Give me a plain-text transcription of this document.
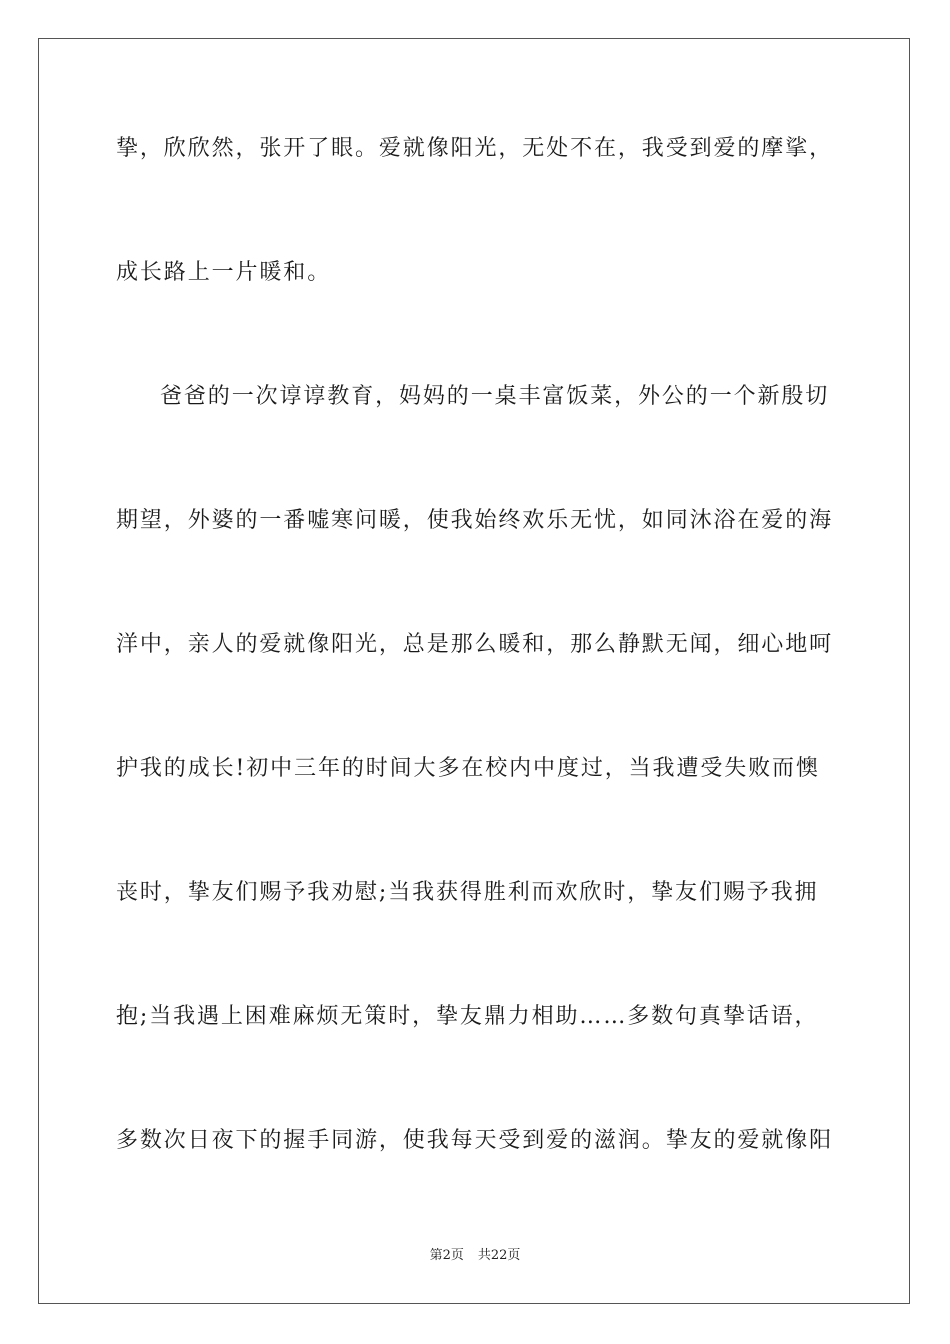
挚，欣欣然，张开了眼。爱就像阳光，无处不在，我受到爱的摩挲，
成长路上一片暖和。
爸爸的一次谆谆教育，妈妈的一桌丰富饭菜，外公的一个新殷切
期望，外婆的一番嘘寒问暖，使我始终欢乐无忧，如同沐浴在爱的海
洋中，亲人的爱就像阳光，总是那么暖和，那么静默无闻，细心地呵
护我的成长!初中三年的时间大多在校内中度过，当我遭受失败而懊
丧时，挚友们赐予我劝慰;当我获得胜利而欢欣时，挚友们赐予我拥
抱;当我遇上困难麻烦无策时，挚友鼎力相助……多数句真挚话语，
多数次日夜下的握手同游，使我每天受到爱的滋润。挚友的爱就像阳
第2页 共22页
